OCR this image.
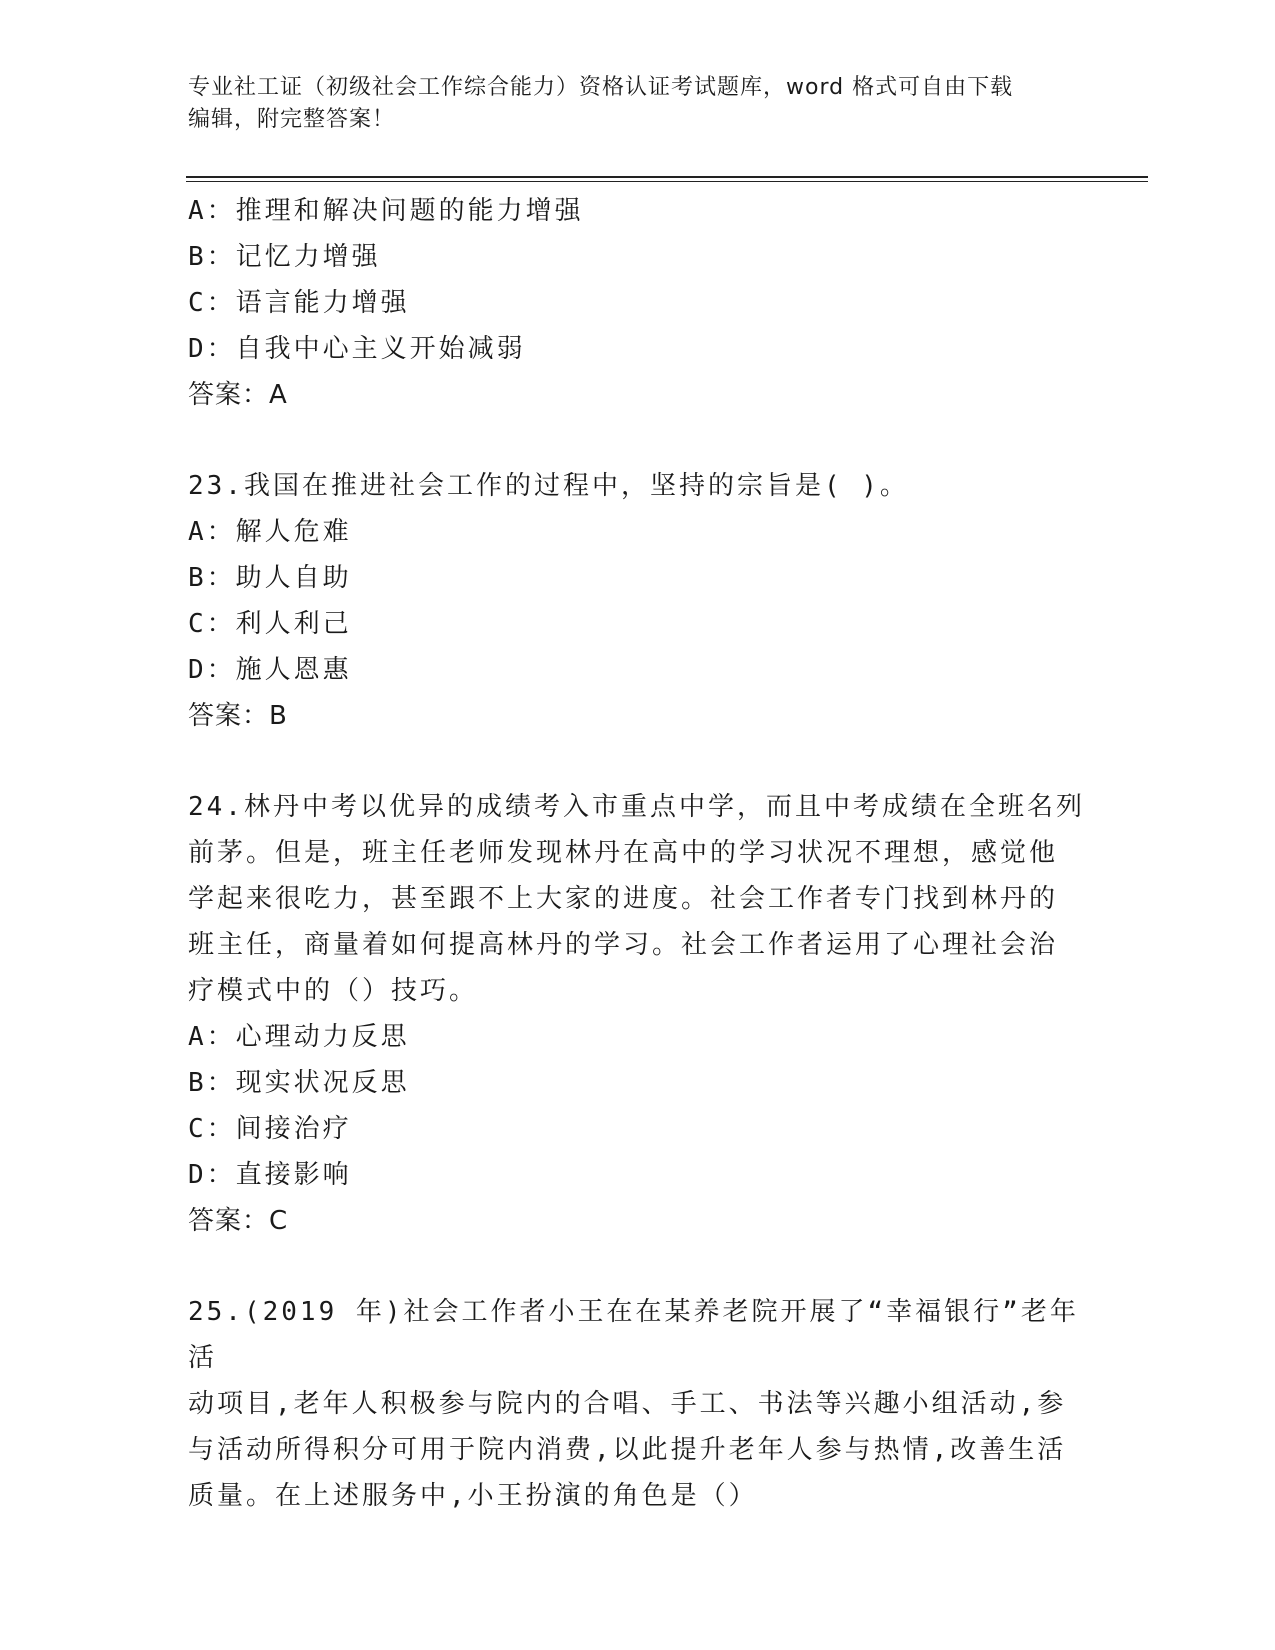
专业社工证（初级社会工作综合能力）资格认证考试题库，word 格式可自由下载
编辑，附完整答案！

A：推理和解决问题的能力增强

B：记忆力增强

C：语言能力增强

D：自我中心主义开始减弱

答案：A

23.我国在推进社会工作的过程中，坚持的宗旨是( )。

A：解人危难

B：助人自助

C：利人利己

D：施人恩惠

答案：B

24.林丹中考以优异的成绩考入市重点中学，而且中考成绩在全班名列

前茅。但是，班主任老师发现林丹在高中的学习状况不理想，感觉他

学起来很吃力，甚至跟不上大家的进度。社会工作者专门找到林丹的

班主任，商量着如何提高林丹的学习。社会工作者运用了心理社会治

疗模式中的（）技巧。

A：心理动力反思

B：现实状况反思

C：间接治疗

D：直接影响

答案：C

25.(2019 年)社会工作者小王在在某养老院开展了“幸福银行”老年活

动项目,老年人积极参与院内的合唱、手工、书法等兴趣小组活动,参

与活动所得积分可用于院内消费,以此提升老年人参与热情,改善生活

质量。在上述服务中,小王扮演的角色是（）
